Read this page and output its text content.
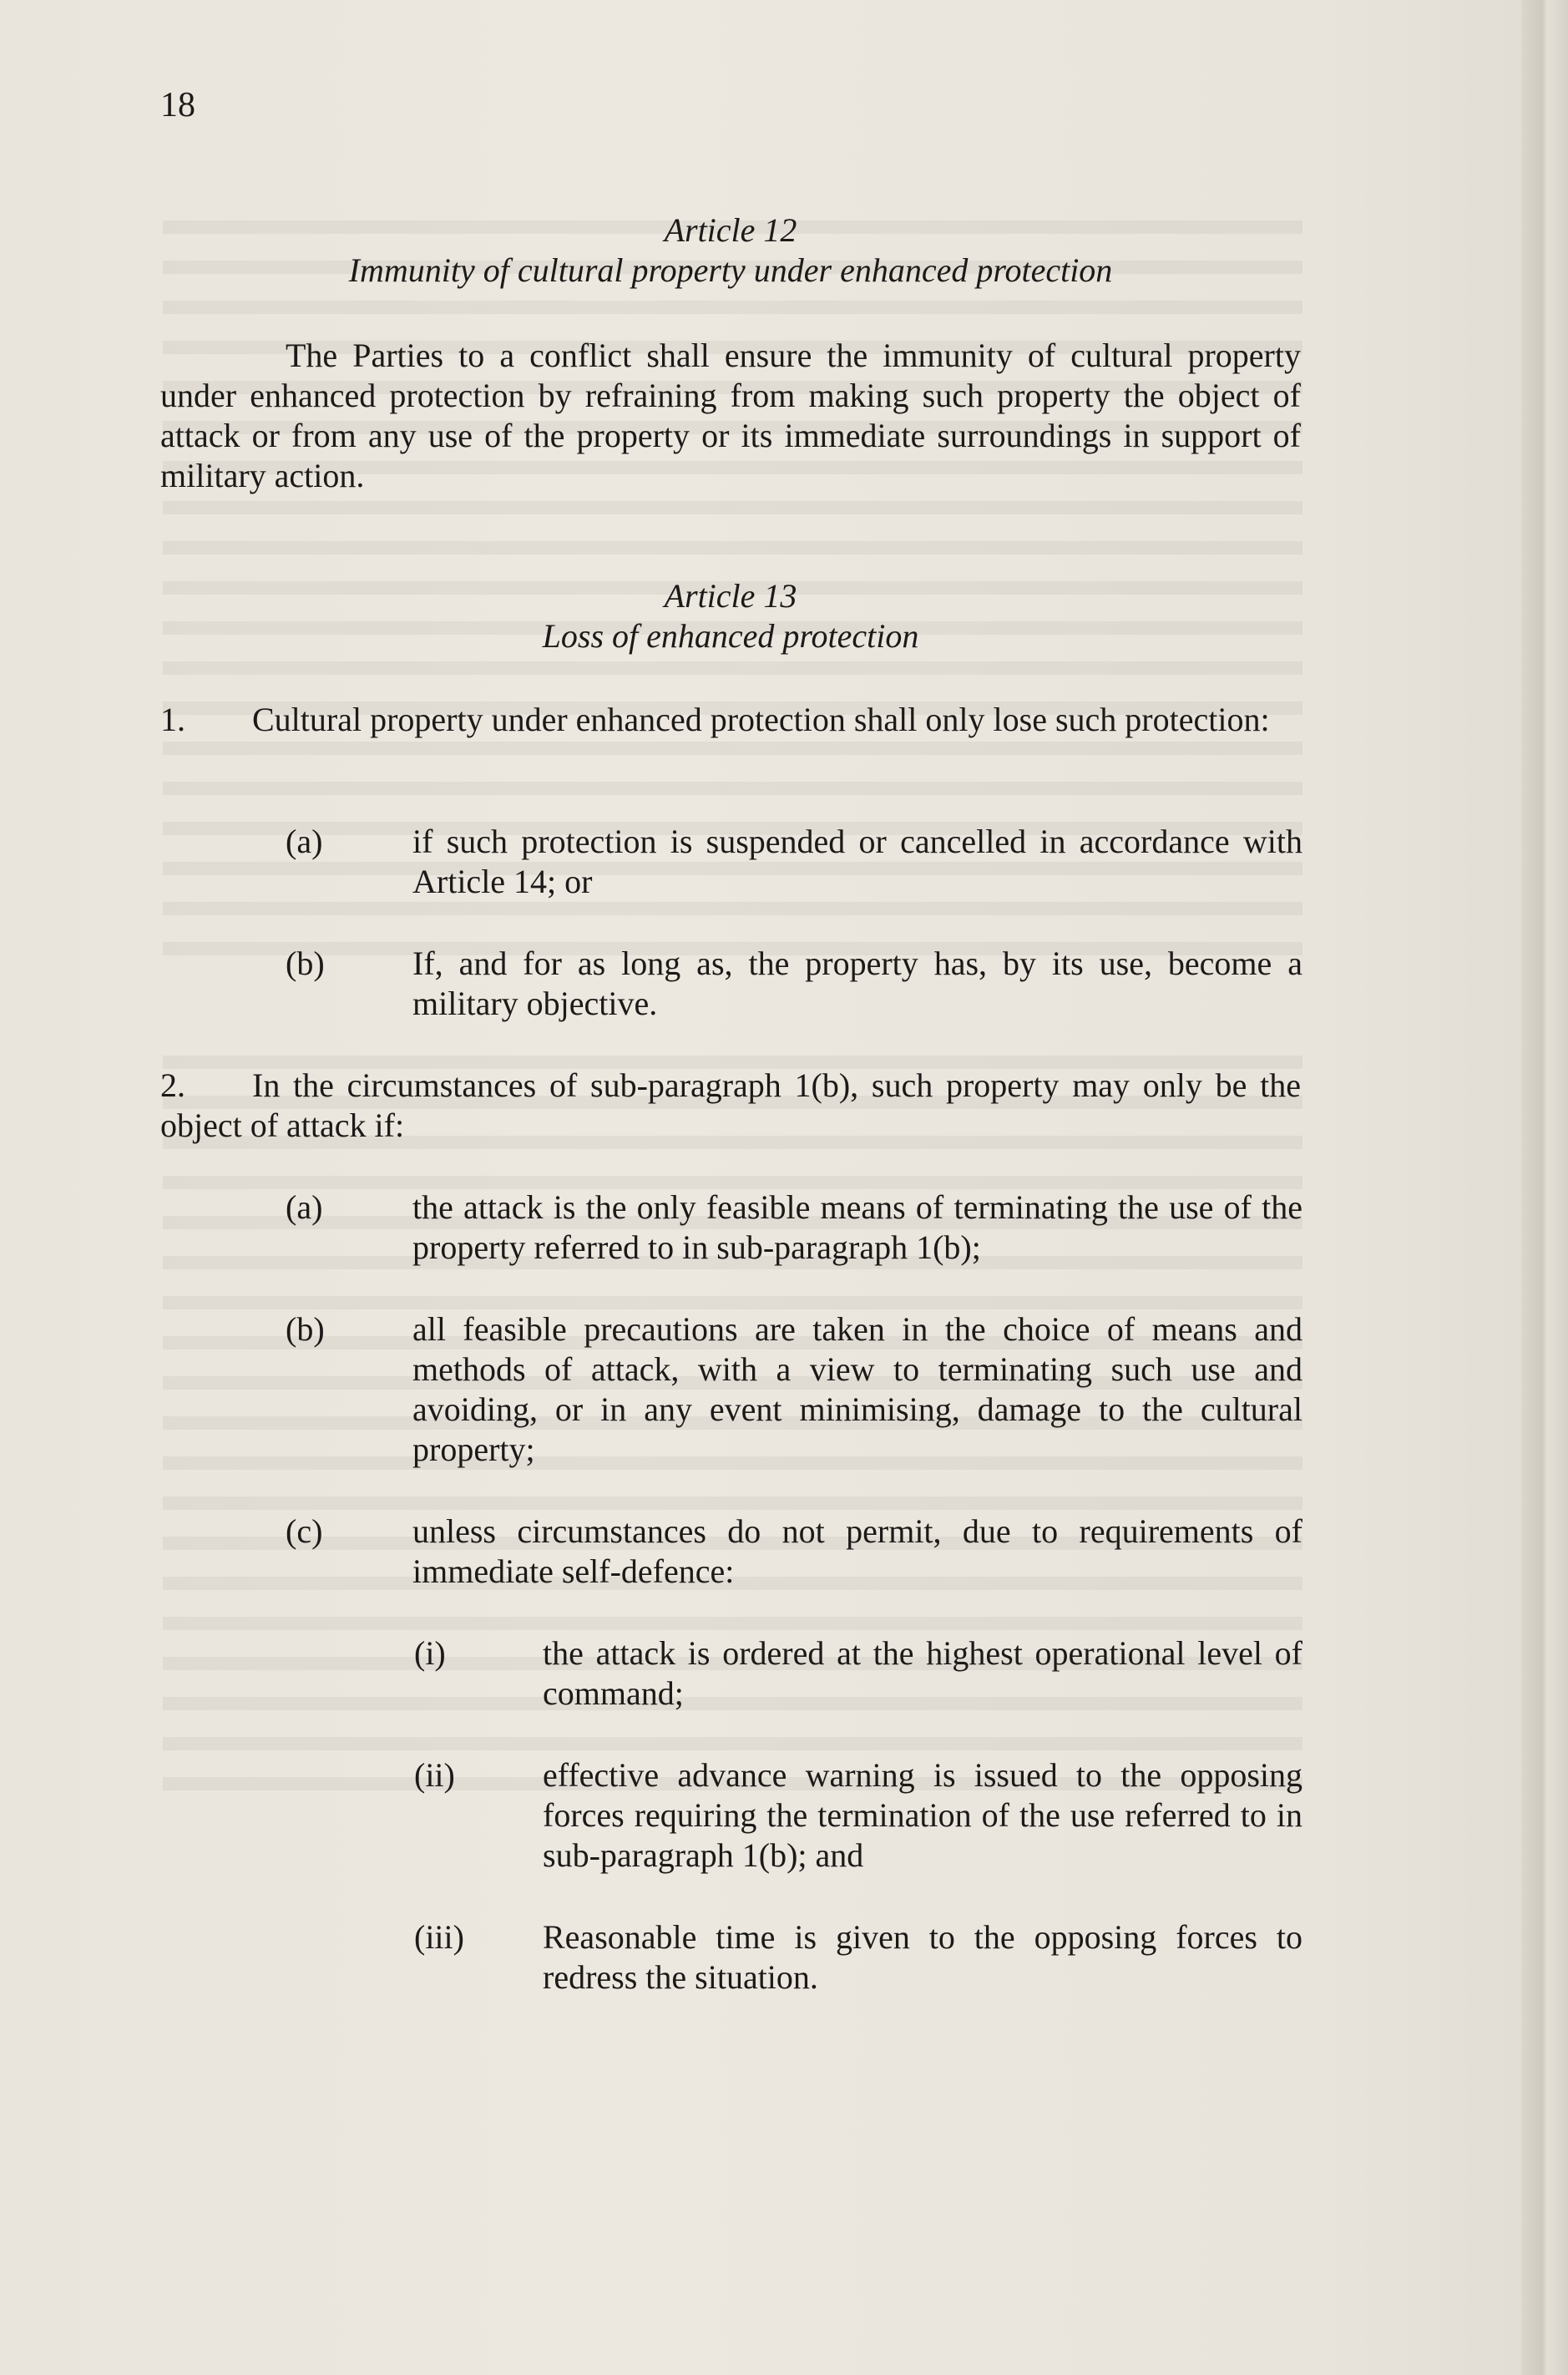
18
Article 12
Immunity of cultural property under enhanced protection
The Parties to a conflict shall ensure the immunity of cultural property under enhanced protection by refraining from making such property the object of attack or from any use of the property or its immediate surroundings in support of military action.
Article 13
Loss of enhanced protection
1.  Cultural property under enhanced protection shall only lose such protection:
(a)	if such protection is suspended or cancelled in accordance with Article 14; or
(b)	If, and for as long as, the property has, by its use, become a military objective.
2.  In the circumstances of sub-paragraph 1(b), such property may only be the object of attack if:
(a)	the attack is the only feasible means of terminating the use of the property referred to in sub-paragraph 1(b);
(b)	all feasible precautions are taken in the choice of means and methods of attack, with a view to terminating such use and avoiding, or in any event minimising, damage to the cultural property;
(c)	unless circumstances do not permit, due to requirements of immediate self-defence:
(i)	the attack is ordered at the highest operational level of command;
(ii)	effective advance warning is issued to the opposing forces requiring the termination of the use referred to in sub-paragraph 1(b); and
(iii) Reasonable time is given to the opposing forces to redress the situation.
